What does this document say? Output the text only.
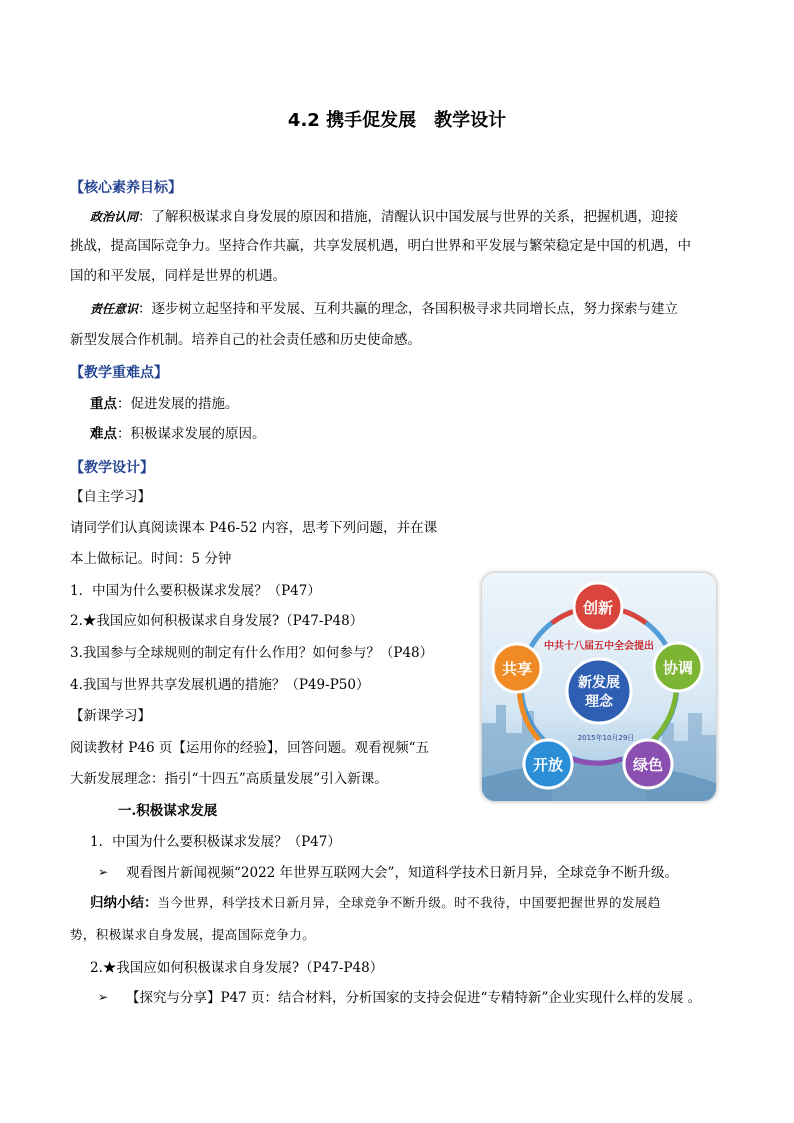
4.2 携手促发展　教学设计
【核心素养目标】
政治认同：了解积极谋求自身发展的原因和措施，清醒认识中国发展与世界的关系，把握机遇，迎接
挑战，提高国际竞争力。坚持合作共赢，共享发展机遇，明白世界和平发展与繁荣稳定是中国的机遇，中
国的和平发展，同样是世界的机遇。
责任意识：逐步树立起坚持和平发展、互利共赢的理念，各国积极寻求共同增长点，努力探索与建立
新型发展合作机制。培养自己的社会责任感和历史使命感。
【教学重难点】
重点：促进发展的措施。
难点：积极谋求发展的原因。
【教学设计】
【自主学习】
请同学们认真阅读课本 P46-52 内容，思考下列问题，并在课
本上做标记。时间：5 分钟
1．中国为什么要积极谋求发展？（P47）
2.★我国应如何积极谋求自身发展?（P47-P48）
3.我国参与全球规则的制定有什么作用？如何参与？（P48）
4.我国与世界共享发展机遇的措施？（P49-P50）
【新课学习】
阅读教材 P46 页【运用你的经验】，回答问题。观看视频“五
大新发展理念：指引“十四五”高质量发展”引入新课。
一.积极谋求发展
1．中国为什么要积极谋求发展？（P47）
➢ 观看图片新闻视频“2022 年世界互联网大会”，知道科学技术日新月异，全球竞争不断升级。
归纳小结：当今世界，科学技术日新月异，全球竞争不断升级。时不我待，中国要把握世界的发展趋
势，积极谋求自身发展，提高国际竞争力。
2.★我国应如何积极谋求自身发展?（P47-P48）
➢ 【探究与分享】P47 页：结合材料，分析国家的支持会促进“专精特新”企业实现什么样的发展 。
中共十八届五中全会提出
新发展
理念
2015年10月29日
创新
协调
绿色
开放
共享
